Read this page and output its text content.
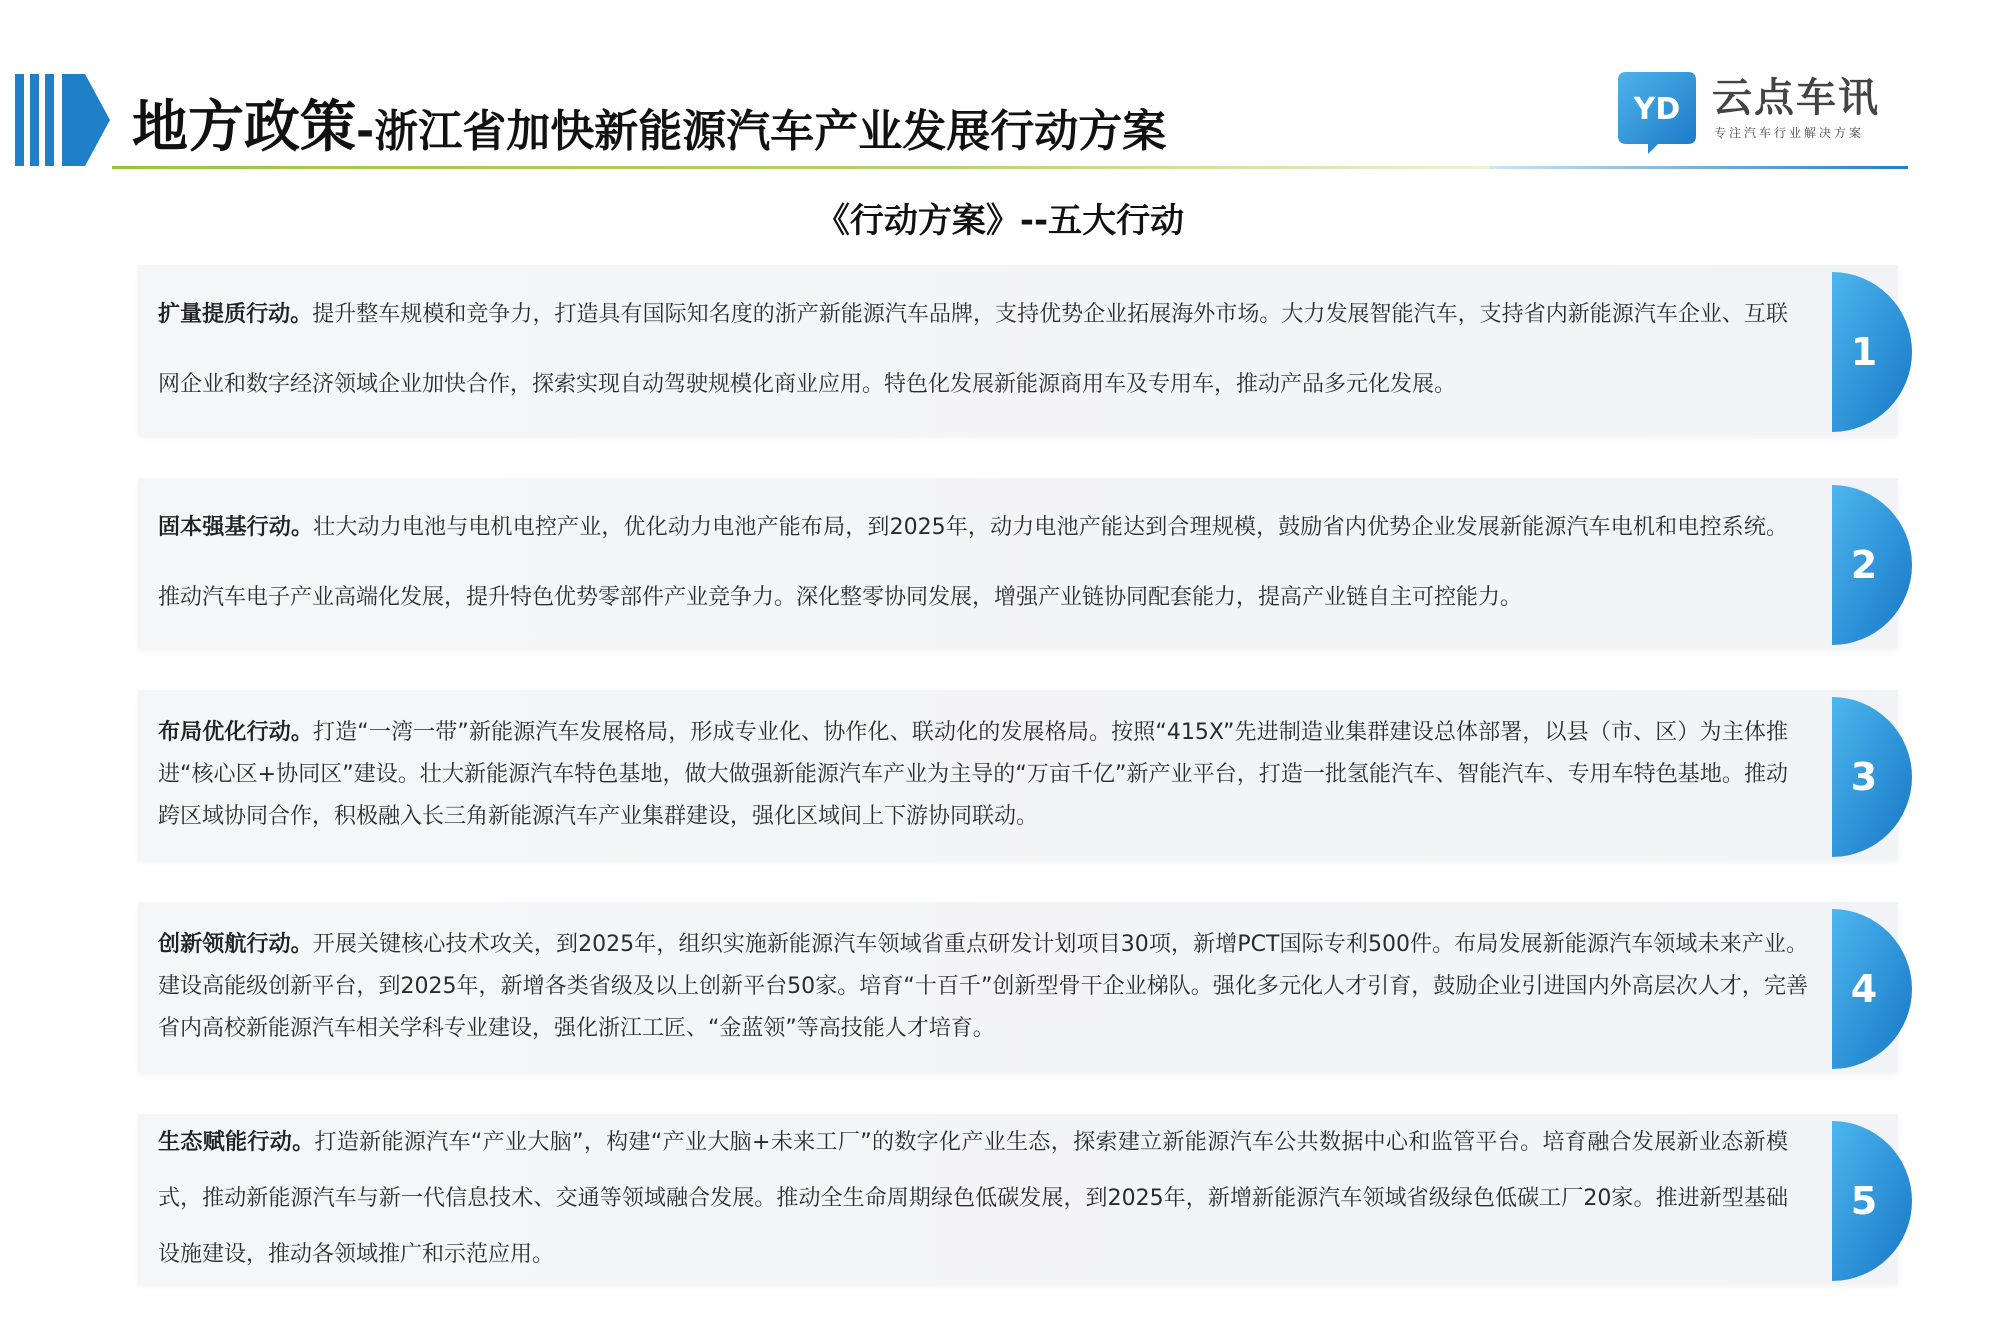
地方政策-浙江省加快新能源汽车产业发展行动方案	YD 云点车讯
专注汽车行业解决方案
《行动方案》--五大行动

扩量提质行动。提升整车规模和竞争力，打造具有国际知名度的浙产新能源汽车品牌，支持优势企业拓展海外市场。大力发展智能汽车，支持省内新能源汽车企业、互联网企业和数字经济领域企业加快合作，探索实现自动驾驶规模化商业应用。特色化发展新能源商用车及专用车，推动产品多元化发展。

1

固本强基行动。壮大动力电池与电机电控产业，优化动力电池产能布局，到2025年，动力电池产能达到合理规模，鼓励省内优势企业发展新能源汽车电机和电控系统。推动汽车电子产业高端化发展，提升特色优势零部件产业竞争力。深化整零协同发展，增强产业链协同配套能力，提高产业链自主可控能力。

2

布局优化行动。打造“一湾一带”新能源汽车发展格局，形成专业化、协作化、联动化的发展格局。按照“415X”先进制造业集群建设总体部署，以县（市、区）为主体推进“核心区+协同区”建设。壮大新能源汽车特色基地，做大做强新能源汽车产业为主导的“万亩千亿”新产业平台，打造一批氢能汽车、智能汽车、专用车特色基地。推动跨区域协同合作，积极融入长三角新能源汽车产业集群建设，强化区域间上下游协同联动。

3

创新领航行动。开展关键核心技术攻关，到2025年，组织实施新能源汽车领域省重点研发计划项目30项，新增PCT国际专利500件。布局发展新能源汽车领域未来产业。建设高能级创新平台，到2025年，新增各类省级及以上创新平台50家。培育“十百千”创新型骨干企业梯队。强化多元化人才引育，鼓励企业引进国内外高层次人才，完善省内高校新能源汽车相关学科专业建设，强化浙江工匠、“金蓝领”等高技能人才培育。

4

生态赋能行动。打造新能源汽车“产业大脑”，构建“产业大脑+未来工厂”的数字化产业生态，探索建立新能源汽车公共数据中心和监管平台。培育融合发展新业态新模式，推动新能源汽车与新一代信息技术、交通等领域融合发展。推动全生命周期绿色低碳发展，到2025年，新增新能源汽车领域省级绿色低碳工厂20家。推进新型基础设施建设，推动各领域推广和示范应用。

5
